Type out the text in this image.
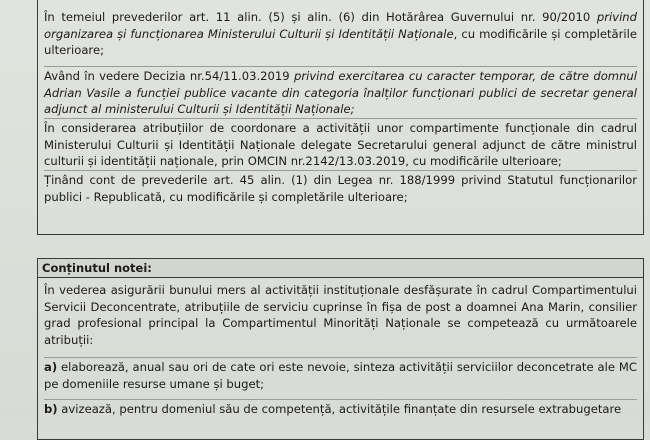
În temeiul prevederilor art. 11 alin. (5) și alin. (6) din Hotărârea Guvernului nr. 90/2010 privind organizarea și funcționarea Ministerului Culturii și Identității Naționale, cu modificările și completările ulterioare;
Având în vedere Decizia nr.54/11.03.2019 privind exercitarea cu caracter temporar, de către domnul Adrian Vasile a funcției publice vacante din categoria înalților funcționari publici de secretar general adjunct al ministerului Culturii și Identității Naționale;
În considerarea atribuțiilor de coordonare a activității unor compartimente funcționale din cadrul Ministerului Culturii și Identității Naționale delegate Secretarului general adjunct de către ministrul culturii și identității naționale, prin OMCIN nr.2142/13.03.2019, cu modificările ulterioare;
Ținând cont de prevederile art. 45 alin. (1) din Legea nr. 188/1999 privind Statutul funcționarilor publici - Republicată, cu modificările și completările ulterioare;
Conținutul notei:
În vederea asigurării bunului mers al activității instituționale desfășurate în cadrul Compartimentului Servicii Deconcentrate, atribuțiile de serviciu cuprinse în fișa de post a doamnei Ana Marin, consilier grad profesional principal la Compartimentul Minorități Naționale se competează cu următoarele atribuții:
a) elaborează, anual sau ori de cate ori este nevoie, sinteza activității serviciilor deconcetrate ale MC pe domeniile resurse umane și buget;
b) avizează, pentru domeniul său de competență, activitățile finanțate din resursele extrabugetare
